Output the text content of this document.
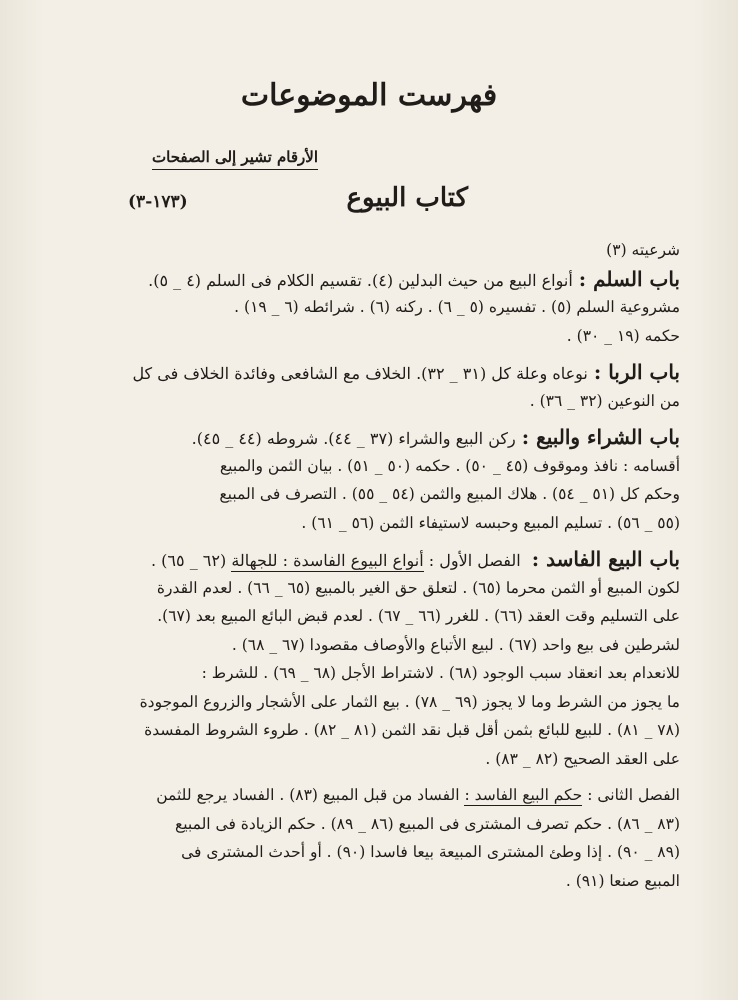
فهرست الموضوعات
الأرقام تشير إلى الصفحات
كتاب البيوع
(١٧٣-٣)
شرعيته (٣)
باب السلم :أنواع البيع من حيث البدلين (٤). تقسيم الكلام فى السلم (٤ _ ٥).
مشروعية السلم (٥) . تفسيره (٥ _ ٦) . ركنه (٦) . شرائطه (٦ _ ١٩) .
حكمه (١٩ _ ٣٠) .
باب الربا :نوعاه وعلة كل (٣١ _ ٣٢). الخلاف مع الشافعى وفائدة الخلاف فى كل
من النوعين (٣٢ _ ٣٦) .
باب الشراء والبيع :ركن البيع والشراء (٣٧ _ ٤٤). شروطه (٤٤ _ ٤٥).
أقسامه : نافذ وموقوف (٤٥ _ ٥٠) . حكمه (٥٠ _ ٥١) . بيان الثمن والمبيع
وحكم كل (٥١ _ ٥٤) . هلاك المبيع والثمن (٥٤ _ ٥٥) . التصرف فى المبيع
(٥٥ _ ٥٦) . تسليم المبيع وحبسه لاستيفاء الثمن (٥٦ _ ٦١) .
باب البيع الفاسد : الفصل الأول : أنواع البيوع الفاسدة : للجهالة (٦٢ _ ٦٥) .
لكون المبيع أو الثمن محرما (٦٥) . لتعلق حق الغير بالمبيع (٦٥ _ ٦٦) . لعدم القدرة
على التسليم وقت العقد (٦٦) . للغرر (٦٦ _ ٦٧) . لعدم قبض البائع المبيع بعد (٦٧).
لشرطين فى بيع واحد (٦٧) . لبيع الأتباع والأوصاف مقصودا (٦٧ _ ٦٨) .
للانعدام بعد انعقاد سبب الوجود (٦٨) . لاشتراط الأجل (٦٨ _ ٦٩) . للشرط :
ما يجوز من الشرط وما لا يجوز (٦٩ _ ٧٨) . بيع الثمار على الأشجار والزروع الموجودة
(٧٨ _ ٨١) . للبيع للبائع بثمن أقل قبل نقد الثمن (٨١ _ ٨٢) . طروء الشروط المفسدة
على العقد الصحيح (٨٢ _ ٨٣) .
الفصل الثانى : حكم البيع الفاسد : الفساد من قبل المبيع (٨٣) . الفساد يرجع للثمن
(٨٣ _ ٨٦) . حكم تصرف المشترى فى المبيع (٨٦ _ ٨٩) . حكم الزيادة فى المبيع
(٨٩ _ ٩٠) . إذا وطئ المشترى المبيعة بيعا فاسدا (٩٠) . أو أحدث المشترى فى
المبيع صنعا (٩١) .
